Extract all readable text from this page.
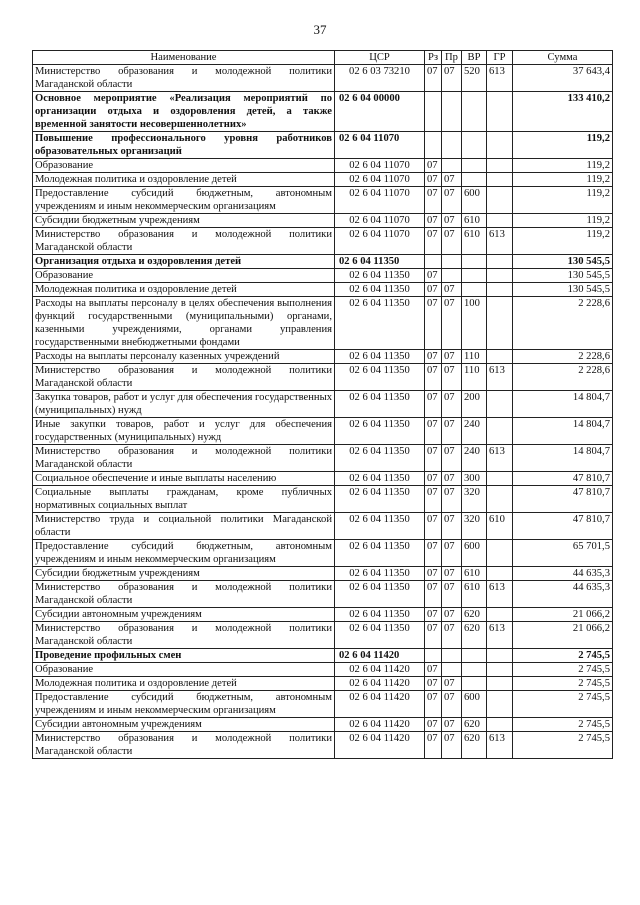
37
Наименование	ЦСР	Рз	Пр	ВР	ГР	Сумма
Министерство образования и молодежной политики Магаданской области	02 6 03 73210	07	07	520	613	37 643,4
Основное мероприятие «Реализация мероприятий по организации отдыха и оздоровления детей, а также временной занятости несовершеннолетних»	02 6 04 00000					133 410,2
Повышение профессионального уровня работников образовательных организаций	02 6 04 11070					119,2
Образование	02 6 04 11070	07				119,2
Молодежная политика и оздоровление детей	02 6 04 11070	07	07			119,2
Предоставление субсидий бюджетным, автономным учреждениям и иным некоммерческим организациям	02 6 04 11070	07	07	600		119,2
Субсидии бюджетным учреждениям	02 6 04 11070	07	07	610		119,2
Министерство образования и молодежной политики Магаданской области	02 6 04 11070	07	07	610	613	119,2
Организация отдыха и оздоровления детей	02 6 04 11350					130 545,5
Образование	02 6 04 11350	07				130 545,5
Молодежная политика и оздоровление детей	02 6 04 11350	07	07			130 545,5
Расходы на выплаты персоналу в целях обеспечения выполнения функций государственными (муниципальными) органами, казенными учреждениями, органами управления государственными внебюджетными фондами	02 6 04 11350	07	07	100		2 228,6
Расходы на выплаты персоналу казенных учреждений	02 6 04 11350	07	07	110		2 228,6
Министерство образования и молодежной политики Магаданской области	02 6 04 11350	07	07	110	613	2 228,6
Закупка товаров, работ и услуг для обеспечения государственных (муниципальных) нужд	02 6 04 11350	07	07	200		14 804,7
Иные закупки товаров, работ и услуг для обеспечения государственных (муниципальных) нужд	02 6 04 11350	07	07	240		14 804,7
Министерство образования и молодежной политики Магаданской области	02 6 04 11350	07	07	240	613	14 804,7
Социальное обеспечение и иные выплаты населению	02 6 04 11350	07	07	300		47 810,7
Социальные выплаты гражданам, кроме публичных нормативных социальных выплат	02 6 04 11350	07	07	320		47 810,7
Министерство труда и социальной политики Магаданской области	02 6 04 11350	07	07	320	610	47 810,7
Предоставление субсидий бюджетным, автономным учреждениям и иным некоммерческим организациям	02 6 04 11350	07	07	600		65 701,5
Субсидии бюджетным учреждениям	02 6 04 11350	07	07	610		44 635,3
Министерство образования и молодежной политики Магаданской области	02 6 04 11350	07	07	610	613	44 635,3
Субсидии автономным учреждениям	02 6 04 11350	07	07	620		21 066,2
Министерство образования и молодежной политики Магаданской области	02 6 04 11350	07	07	620	613	21 066,2
Проведение профильных смен	02 6 04 11420					2 745,5
Образование	02 6 04 11420	07				2 745,5
Молодежная политика и оздоровление детей	02 6 04 11420	07	07			2 745,5
Предоставление субсидий бюджетным, автономным учреждениям и иным некоммерческим организациям	02 6 04 11420	07	07	600		2 745,5
Субсидии автономным учреждениям	02 6 04 11420	07	07	620		2 745,5
Министерство образования и молодежной политики Магаданской области	02 6 04 11420	07	07	620	613	2 745,5
